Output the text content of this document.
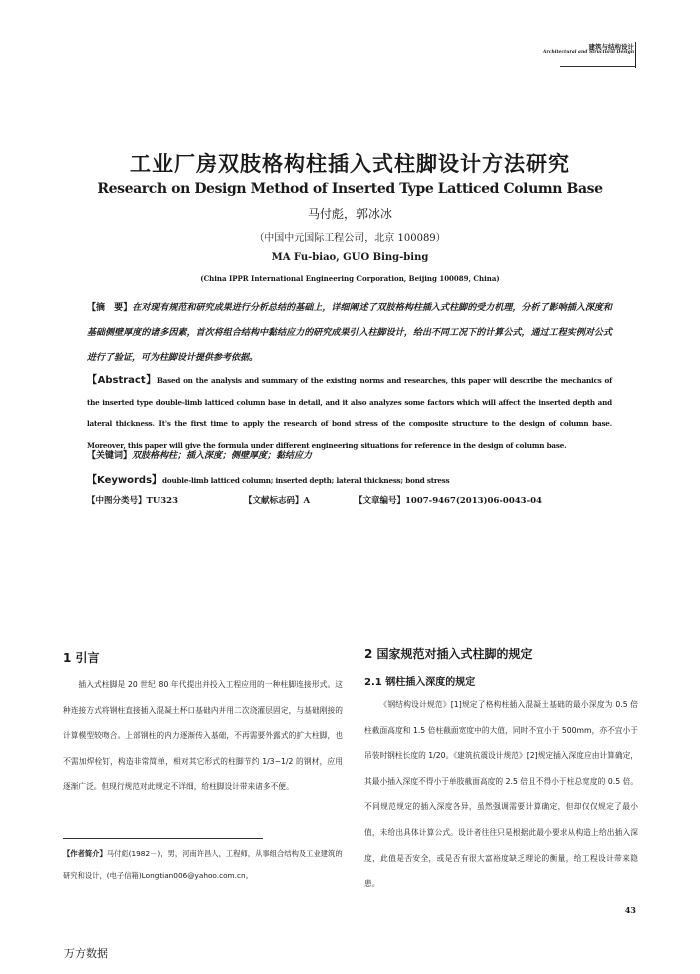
建筑与结构设计
Architectural and Structural Design
工业厂房双肢格构柱插入式柱脚设计方法研究
Research on Design Method of Inserted Type Latticed Column Base
马付彪，郭冰冰
（中国中元国际工程公司，北京 100089）
MA Fu-biao, GUO Bing-bing
(China IPPR International Engineering Corporation, Beijing 100089, China)
【摘　要】在对现有规范和研究成果进行分析总结的基础上，详细阐述了双肢格构柱插入式柱脚的受力机理，分析了影响插入深度和基础侧壁厚度的诸多因素，首次将组合结构中黏结应力的研究成果引入柱脚设计，给出不同工况下的计算公式，通过工程实例对公式进行了验证，可为柱脚设计提供参考依据。
【Abstract】Based on the analysis and summary of the existing norms and researches, this paper will describe the mechanics of the inserted type double-limb latticed column base in detail, and it also analyzes some factors which will affect the inserted depth and lateral thickness. It's the first time to apply the research of bond stress of the composite structure to the design of column base. Moreover, this paper will give the formula under different engineering situations for reference in the design of column base.
【关键词】双肢格构柱；插入深度；侧壁厚度；黏结应力
【Keywords】double-limb latticed column; inserted depth; lateral thickness; bond stress
【中图分类号】TU323	【文献标志码】A	【文章编号】1007-9467(2013)06-0043-04
1 引言

插入式柱脚是 20 世纪 80 年代提出并投入工程应用的一种柱脚连接形式。这种连接方式将钢柱直接插入混凝土杯口基础内并用二次浇灌层固定，与基础刚接的计算模型较吻合。上部钢柱的内力逐渐传入基础，不再需要外露式的扩大柱脚，也不需加焊栓钉，构造非常简单，相对其它形式的柱脚节约 1/3~1/2 的钢材，应用逐渐广泛。但现行规范对此规定不详细，给柱脚设计带来诸多不便。

【作者简介】马付彪(1982－)，男，河南许昌人，工程师，从事组合结构及工业建筑的研究和设计，(电子信箱)Longtian006@yahoo.com.cn。
2 国家规范对插入式柱脚的规定
2.1 钢柱插入深度的规定

《钢结构设计规范》[1]规定了格构柱插入混凝土基础的最小深度为 0.5 倍柱截面高度和 1.5 倍柱截面宽度中的大值，同时不宜小于 500mm，亦不宜小于吊装时钢柱长度的 1/20。《建筑抗震设计规范》[2]规定插入深度应由计算确定，其最小插入深度不得小于单肢截面高度的 2.5 倍且不得小于柱总宽度的 0.5 倍。不同规范规定的插入深度各异，虽然强调需要计算确定，但却仅仅规定了最小值，未给出具体计算公式。设计者往往只是根据此最小要求从构造上给出插入深度，此值是否安全，或是否有很大富裕度缺乏理论的衡量，给工程设计带来隐患。

43
万方数据
